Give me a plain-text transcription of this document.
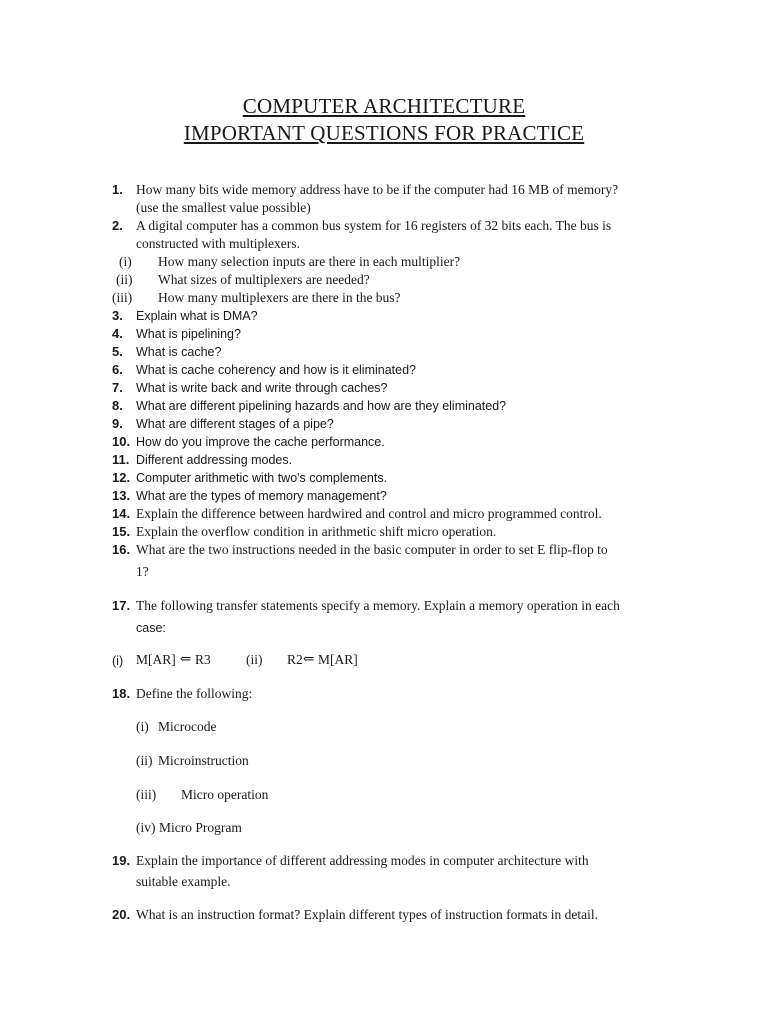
COMPUTER ARCHITECTURE
IMPORTANT QUESTIONS FOR PRACTICE
1. How many bits wide memory address have to be if the computer had 16 MB of memory?
(use the smallest value possible)
2. A digital computer has a common bus system for 16 registers of 32 bits each. The bus is
constructed with multiplexers.
(i) How many selection inputs are there in each multiplier?
(ii) What sizes of multiplexers are needed?
(iii) How many multiplexers are there in the bus?
3. Explain what is DMA?
4. What is pipelining?
5. What is cache?
6. What is cache coherency and how is it eliminated?
7. What is write back and write through caches?
8. What are different pipelining hazards and how are they eliminated?
9. What are different stages of a pipe?
10. How do you improve the cache performance.
11. Different addressing modes.
12. Computer arithmetic with two's complements.
13. What are the types of memory management?
14. Explain the difference between hardwired and control and micro programmed control.
15. Explain the overflow condition in arithmetic shift micro operation.
16. What are the two instructions needed in the basic computer in order to set E flip-flop to
1?
17. The following transfer statements specify a memory. Explain a memory operation in each
case:
(i) M[AR] ⇐ R3	(ii) R2 ⇐ M[AR]
18. Define the following:
(i) Microcode
(ii) Microinstruction
(iii) Micro operation
(iv) Micro Program
19. Explain the importance of different addressing modes in computer architecture with
suitable example.
20. What is an instruction format? Explain different types of instruction formats in detail.
